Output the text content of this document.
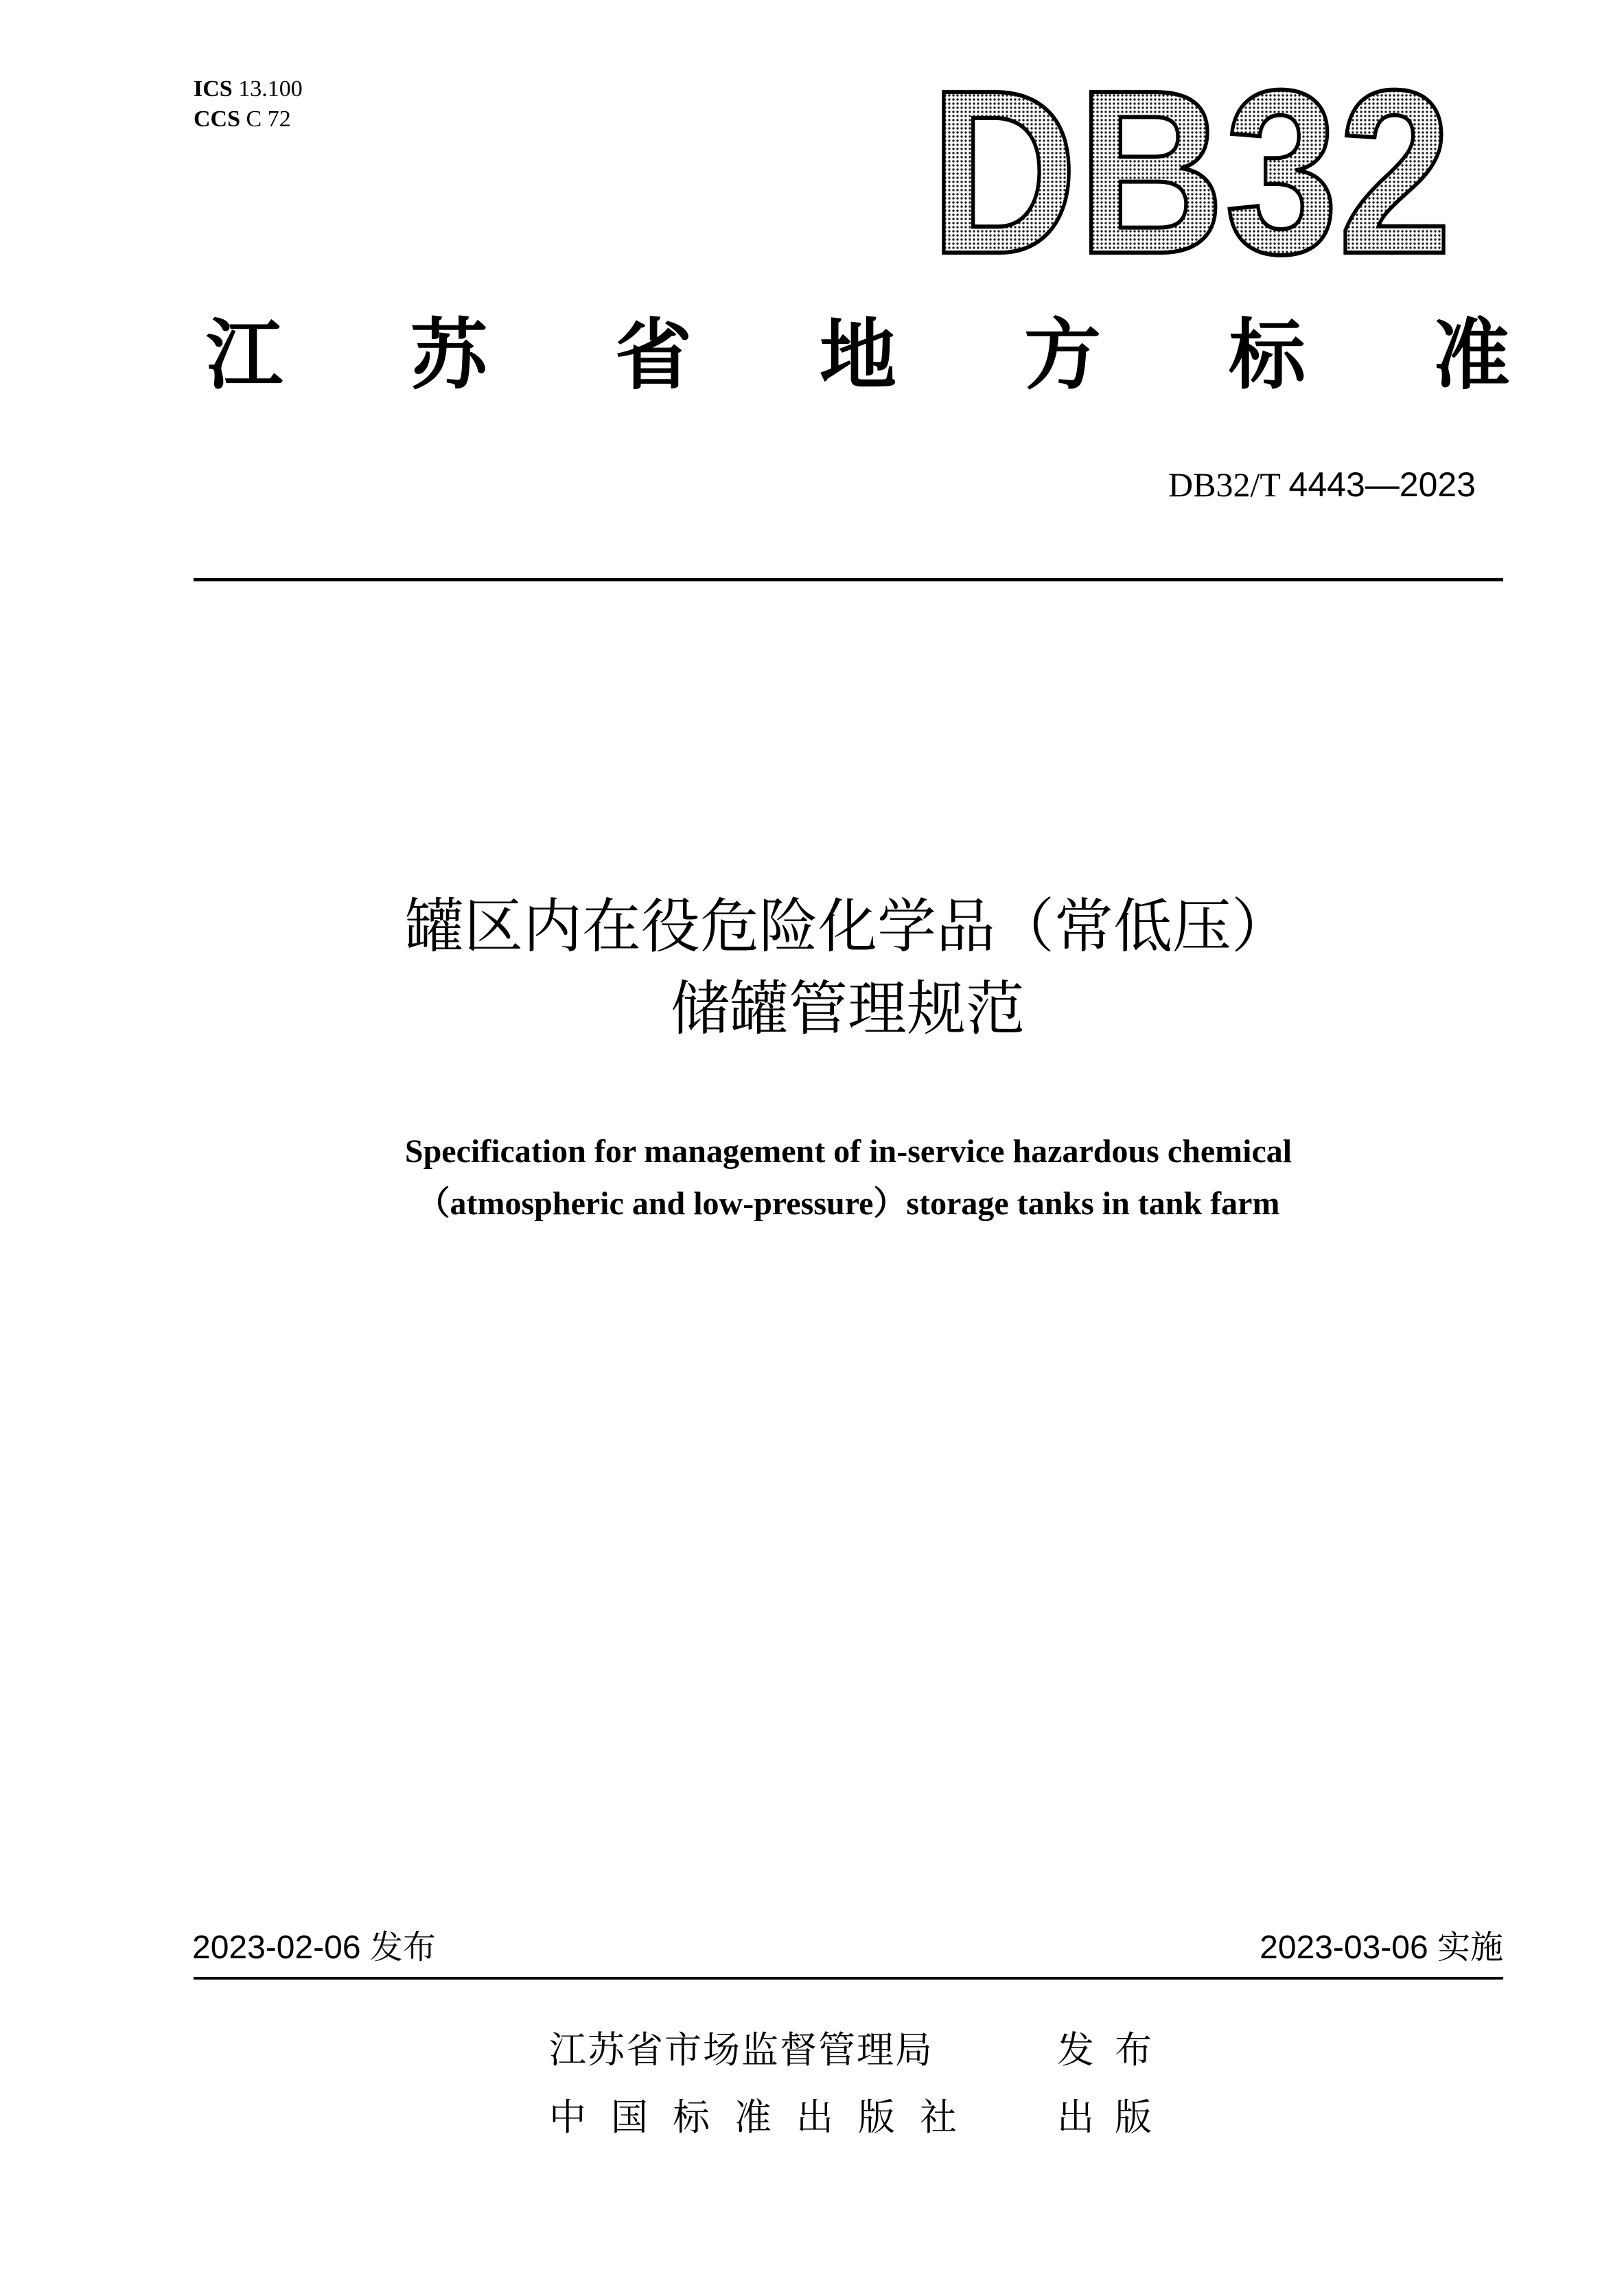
ICS 13.100
CCS C 72	DB32
江 苏 省 地 方 标 准
DB32/T 4443—2023
罐区内在役危险化学品（常低压）
储罐管理规范
Specification for management of in-service hazardous chemical
（atmospheric and low-pressure）storage tanks in tank farm
2023-02-06 发布	2023-03-06 实施
江苏省市场监督管理局	发布
中国标准出版社 出版
